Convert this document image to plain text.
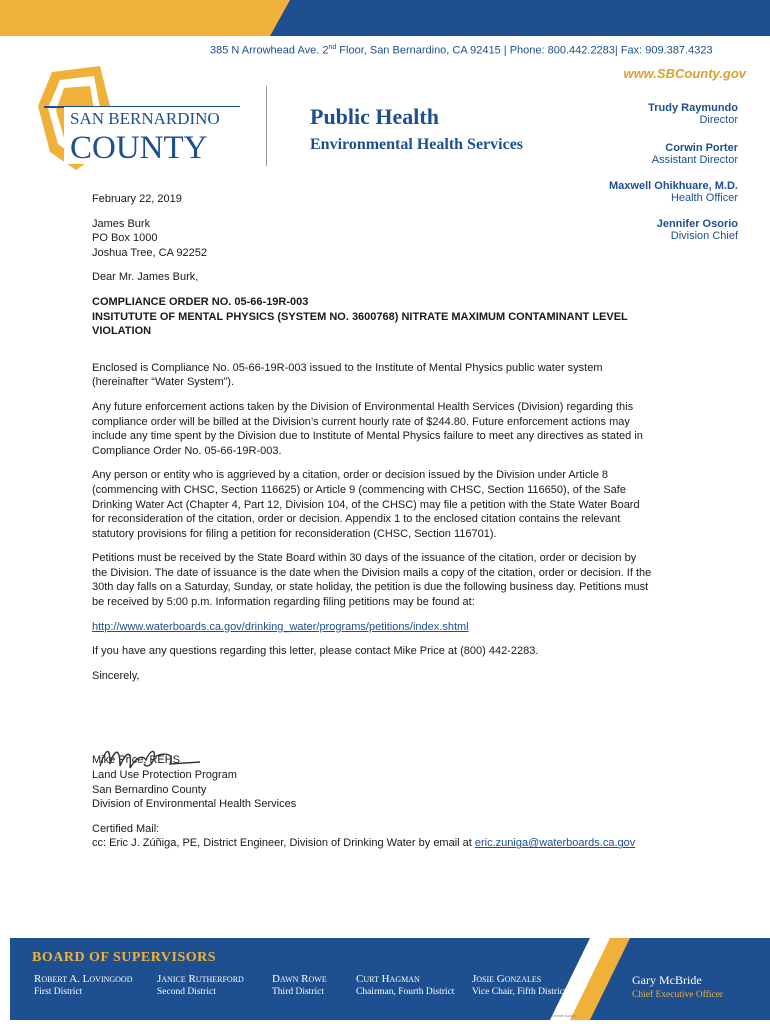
385 N Arrowhead Ave. 2nd Floor, San Bernardino, CA 92415 | Phone: 800.442.2283| Fax: 909.387.4323
www.SBCounty.gov
SAN BERNARDINO
COUNTY
Public Health
Environmental Health Services
Trudy Raymundo
Director
Corwin Porter
Assistant Director
Maxwell Ohikhuare, M.D.
Health Officer
Jennifer Osorio
Division Chief
February 22, 2019
James Burk
PO Box 1000
Joshua Tree, CA 92252
Dear Mr. James Burk,
COMPLIANCE ORDER NO. 05-66-19R-003
INSITUTUTE OF MENTAL PHYSICS (SYSTEM NO. 3600768) NITRATE MAXIMUM CONTAMINANT LEVEL VIOLATION

Enclosed is Compliance No. 05-66-19R-003 issued to the Institute of Mental Physics public water system (hereinafter “Water System”).

Any future enforcement actions taken by the Division of Environmental Health Services (Division) regarding this compliance order will be billed at the Division’s current hourly rate of $244.80. Future enforcement actions may include any time spent by the Division due to Institute of Mental Physics failure to meet any directives as stated in Compliance Order No. 05-66-19R-003.

Any person or entity who is aggrieved by a citation, order or decision issued by the Division under Article 8 (commencing with CHSC, Section 116625) or Article 9 (commencing with CHSC, Section 116650), of the Safe Drinking Water Act (Chapter 4, Part 12, Division 104, of the CHSC) may file a petition with the State Water Board for reconsideration of the citation, order or decision. Appendix 1 to the enclosed citation contains the relevant statutory provisions for filing a petition for reconsideration (CHSC, Section 116701).

Petitions must be received by the State Board within 30 days of the issuance of the citation, order or decision by the Division. The date of issuance is the date when the Division mails a copy of the citation, order or decision. If the 30th day falls on a Saturday, Sunday, or state holiday, the petition is due the following business day. Petitions must be received by 5:00 p.m. Information regarding filing petitions may be found at:

http://www.waterboards.ca.gov/drinking_water/programs/petitions/index.shtml

If you have any questions regarding this letter, please contact Mike Price at (800) 442-2283.

Sincerely,

Mike Price, REHS
Land Use Protection Program
San Bernardino County
Division of Environmental Health Services
Certified Mail:
cc: Eric J. Zúñiga, PE, District Engineer, Division of Drinking Water by email at eric.zuniga@waterboards.ca.gov
BOARD OF SUPERVISORS
Robert A. Lovingood
First District
Janice Rutherford
Second District
Dawn Rowe
Third District
Curt Hagman
Chairman, Fourth District
Josie Gonzales
Vice Chair, Fifth District
Gary McBride
Chief Executive Officer
Lennie Austin
